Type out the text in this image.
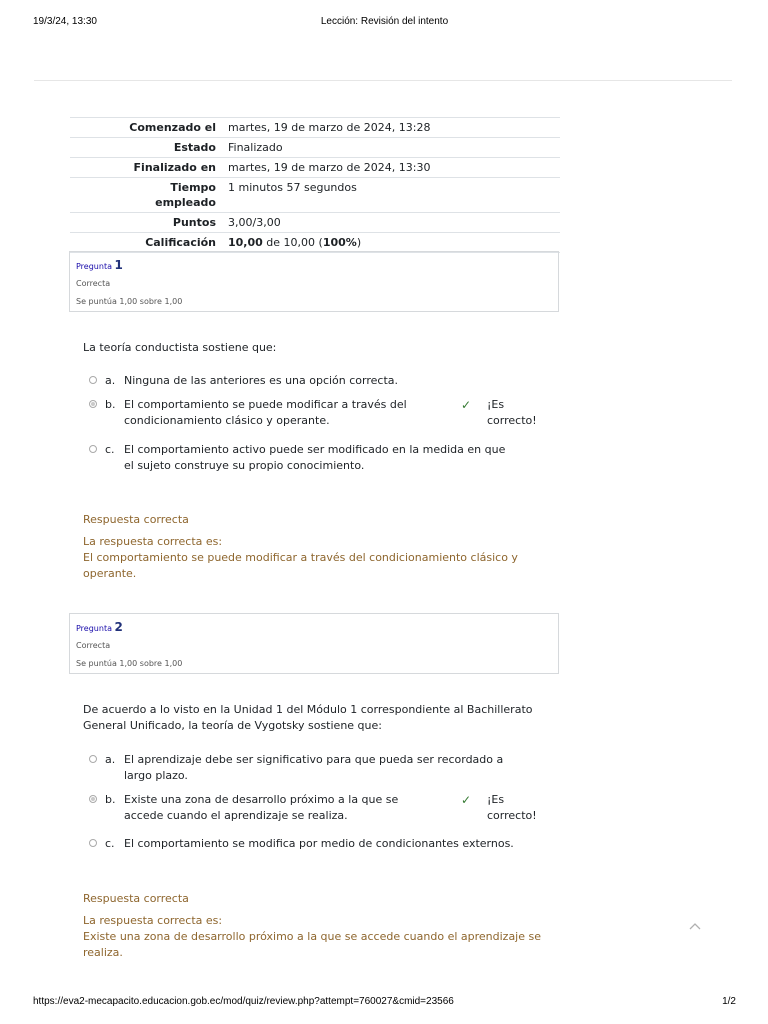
19/3/24, 13:30	Lección: Revisión del intento
Comenzado el	martes, 19 de marzo de 2024, 13:28
Estado	Finalizado
Finalizado en	martes, 19 de marzo de 2024, 13:30
Tiempo empleado	1 minutos 57 segundos
Puntos	3,00/3,00
Calificación	10,00 de 10,00 (100%)
Pregunta 1
Correcta
Se puntúa 1,00 sobre 1,00
La teoría conductista sostiene que:
a. Ninguna de las anteriores es una opción correcta.
b. El comportamiento se puede modificar a través del condicionamiento clásico y operante.
✓ ¡Es correcto!
c. El comportamiento activo puede ser modificado en la medida en que el sujeto construye su propio conocimiento.
Respuesta correcta
La respuesta correcta es:
El comportamiento se puede modificar a través del condicionamiento clásico y operante.
Pregunta 2
Correcta
Se puntúa 1,00 sobre 1,00
De acuerdo a lo visto en la Unidad 1 del Módulo 1 correspondiente al Bachillerato General Unificado, la teoría de Vygotsky sostiene que:
a. El aprendizaje debe ser significativo para que pueda ser recordado a largo plazo.
b. Existe una zona de desarrollo próximo a la que se accede cuando el aprendizaje se realiza.
✓ ¡Es correcto!
c. El comportamiento se modifica por medio de condicionantes externos.
Respuesta correcta
La respuesta correcta es:
Existe una zona de desarrollo próximo a la que se accede cuando el aprendizaje se realiza.
https://eva2-mecapacito.educacion.gob.ec/mod/quiz/review.php?attempt=760027&cmid=23566	1/2
